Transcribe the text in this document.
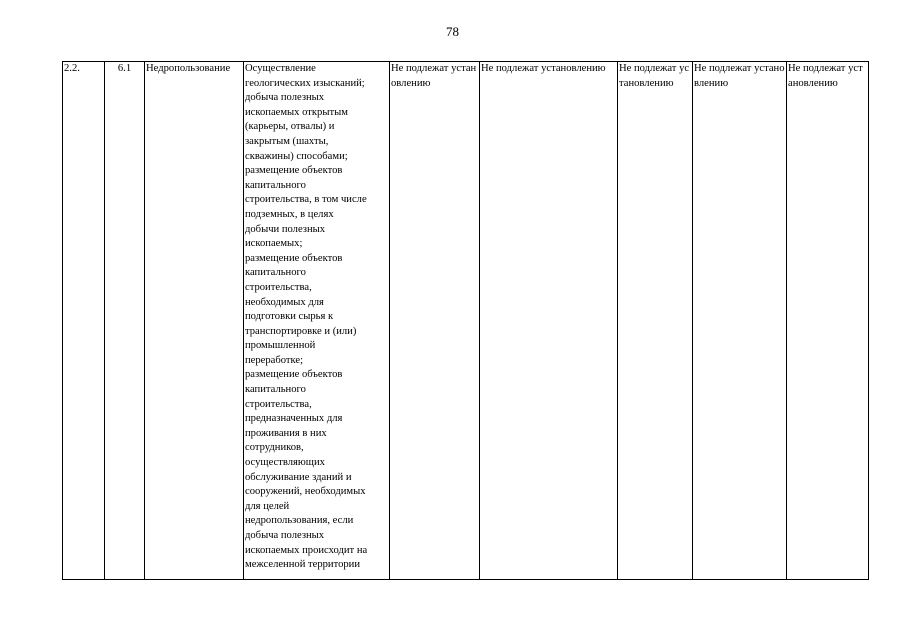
78
2.2.	6.1	Недропользование	Осуществление
геологических изысканий;
добыча полезных
ископаемых открытым
(карьеры, отвалы) и
закрытым (шахты,
скважины) способами;
размещение объектов
капитального
строительства, в том числе
подземных, в целях
добычи полезных
ископаемых;
размещение объектов
капитального
строительства,
необходимых для
подготовки сырья к
транспортировке и (или)
промышленной
переработке;
размещение объектов
капитального
строительства,
предназначенных для
проживания в них
сотрудников,
осуществляющих
обслуживание зданий и
сооружений, необходимых
для целей
недропользования, если
добыча полезных
ископаемых происходит на
межселенной территории
	Не подлежат установлению	Не подлежат установлению	Не подлежат установлению	Не подлежат установлению	Не подлежат установлению
